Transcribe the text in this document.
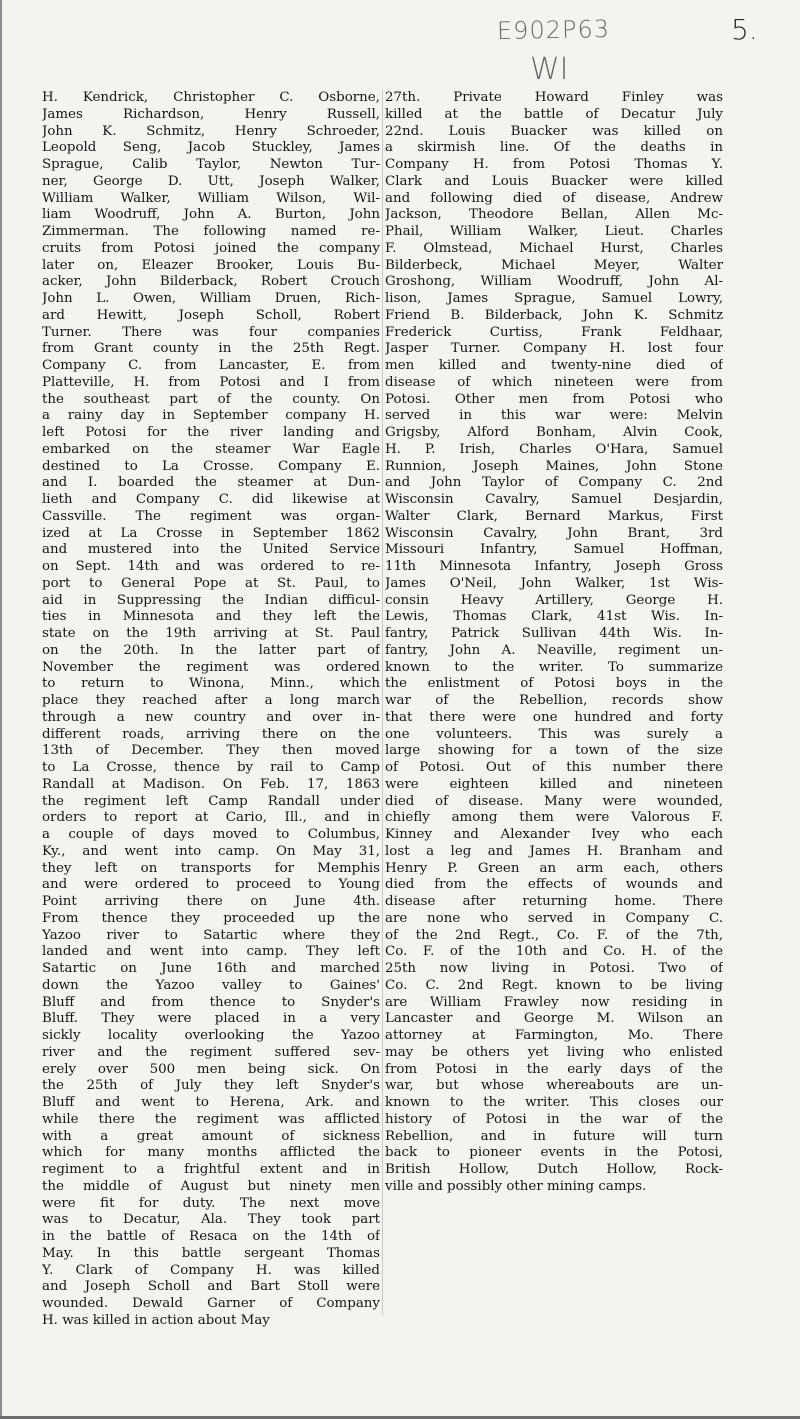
E902P63
WI
5.
H. Kendrick, Christopher C. Osborne,
James Richardson, Henry Russell,
John K. Schmitz, Henry Schroeder,
Leopold Seng, Jacob Stuckley, James
Sprague, Calib Taylor, Newton Tur-
ner, George D. Utt, Joseph Walker,
William Walker, William Wilson, Wil-
liam Woodruff, John A. Burton, John
Zimmerman. The following named re-
cruits from Potosi joined the company
later on, Eleazer Brooker, Louis Bu-
acker, John Bilderback, Robert Crouch
John L. Owen, William Druen, Rich-
ard Hewitt, Joseph Scholl, Robert
Turner. There was four companies
from Grant county in the 25th Regt.
Company C. from Lancaster, E. from
Platteville, H. from Potosi and I from
the southeast part of the county. On
a rainy day in September company H.
left Potosi for the river landing and
embarked on the steamer War Eagle
destined to La Crosse. Company E.
and I. boarded the steamer at Dun-
lieth and Company C. did likewise at
Cassville. The regiment was organ-
ized at La Crosse in September 1862
and mustered into the United Service
on Sept. 14th and was ordered to re-
port to General Pope at St. Paul, to
aid in Suppressing the Indian difficul-
ties in Minnesota and they left the
state on the 19th arriving at St. Paul
on the 20th. In the latter part of
November the regiment was ordered
to return to Winona, Minn., which
place they reached after a long march
through a new country and over in-
different roads, arriving there on the
13th of December. They then moved
to La Crosse, thence by rail to Camp
Randall at Madison. On Feb. 17, 1863
the regiment left Camp Randall under
orders to report at Cario, Ill., and in
a couple of days moved to Columbus,
Ky., and went into camp. On May 31,
they left on transports for Memphis
and were ordered to proceed to Young
Point arriving there on June 4th.
From thence they proceeded up the
Yazoo river to Satartic where they
landed and went into camp. They left
Satartic on June 16th and marched
down the Yazoo valley to Gaines'
Bluff and from thence to Snyder's
Bluff. They were placed in a very
sickly locality overlooking the Yazoo
river and the regiment suffered sev-
erely over 500 men being sick. On
the 25th of July they left Snyder's
Bluff and went to Herena, Ark. and
while there the regiment was afflicted
with a great amount of sickness
which for many months afflicted the
regiment to a frightful extent and in
the middle of August but ninety men
were fit for duty. The next move
was to Decatur, Ala. They took part
in the battle of Resaca on the 14th of
May. In this battle sergeant Thomas
Y. Clark of Company H. was killed
and Joseph Scholl and Bart Stoll were
wounded. Dewald Garner of Company
H. was killed in action about May
27th. Private Howard Finley was
killed at the battle of Decatur July
22nd. Louis Buacker was killed on
a skirmish line. Of the deaths in
Company H. from Potosi Thomas Y.
Clark and Louis Buacker were killed
and following died of disease, Andrew
Jackson, Theodore Bellan, Allen Mc-
Phail, William Walker, Lieut. Charles
F. Olmstead, Michael Hurst, Charles
Bilderbeck, Michael Meyer, Walter
Groshong, William Woodruff, John Al-
lison, James Sprague, Samuel Lowry,
Friend B. Bilderback, John K. Schmitz
Frederick Curtiss, Frank Feldhaar,
Jasper Turner. Company H. lost four
men killed and twenty-nine died of
disease of which nineteen were from
Potosi. Other men from Potosi who
served in this war were: Melvin
Grigsby, Alford Bonham, Alvin Cook,
H. P. Irish, Charles O'Hara, Samuel
Runnion, Joseph Maines, John Stone
and John Taylor of Company C. 2nd
Wisconsin Cavalry, Samuel Desjardin,
Walter Clark, Bernard Markus, First
Wisconsin Cavalry, John Brant, 3rd
Missouri Infantry, Samuel Hoffman,
11th Minnesota Infantry, Joseph Gross
James O'Neil, John Walker, 1st Wis-
consin Heavy Artillery, George H.
Lewis, Thomas Clark, 41st Wis. In-
fantry, Patrick Sullivan 44th Wis. In-
fantry, John A. Neaville, regiment un-
known to the writer. To summarize
the enlistment of Potosi boys in the
war of the Rebellion, records show
that there were one hundred and forty
one volunteers. This was surely a
large showing for a town of the size
of Potosi. Out of this number there
were eighteen killed and nineteen
died of disease. Many were wounded,
chiefly among them were Valorous F.
Kinney and Alexander Ivey who each
lost a leg and James H. Branham and
Henry P. Green an arm each, others
died from the effects of wounds and
disease after returning home. There
are none who served in Company C.
of the 2nd Regt., Co. F. of the 7th,
Co. F. of the 10th and Co. H. of the
25th now living in Potosi. Two of
Co. C. 2nd Regt. known to be living
are William Frawley now residing in
Lancaster and George M. Wilson an
attorney at Farmington, Mo. There
may be others yet living who enlisted
from Potosi in the early days of the
war, but whose whereabouts are un-
known to the writer. This closes our
history of Potosi in the war of the
Rebellion, and in future will turn
back to pioneer events in the Potosi,
British Hollow, Dutch Hollow, Rock-
ville and possibly other mining camps.
